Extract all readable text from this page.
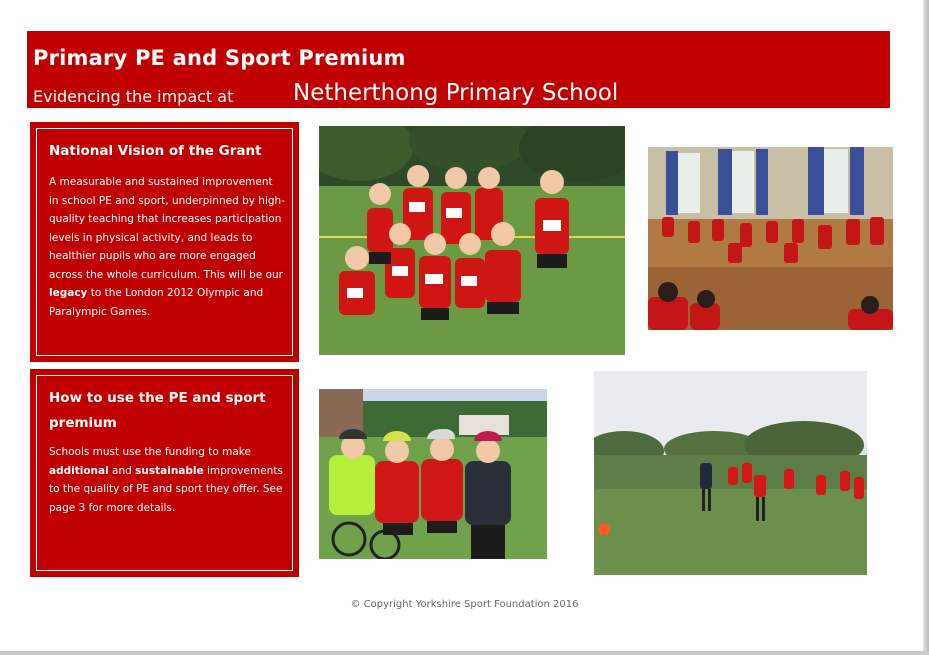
Primary PE and Sport Premium
Evidencing the impact at	Netherthong Primary School
National Vision of the Grant
A measurable and sustained improvement in school PE and sport, underpinned by high-quality teaching that increases participation levels in physical activity, and leads to healthier pupils who are more engaged across the whole curriculum. This will be our legacy to the London 2012 Olympic and Paralympic Games.
How to use the PE and sport premium
Schools must use the funding to make additional and sustainable improvements to the quality of PE and sport they offer. See page 3 for more details.
© Copyright Yorkshire Sport Foundation 2016
